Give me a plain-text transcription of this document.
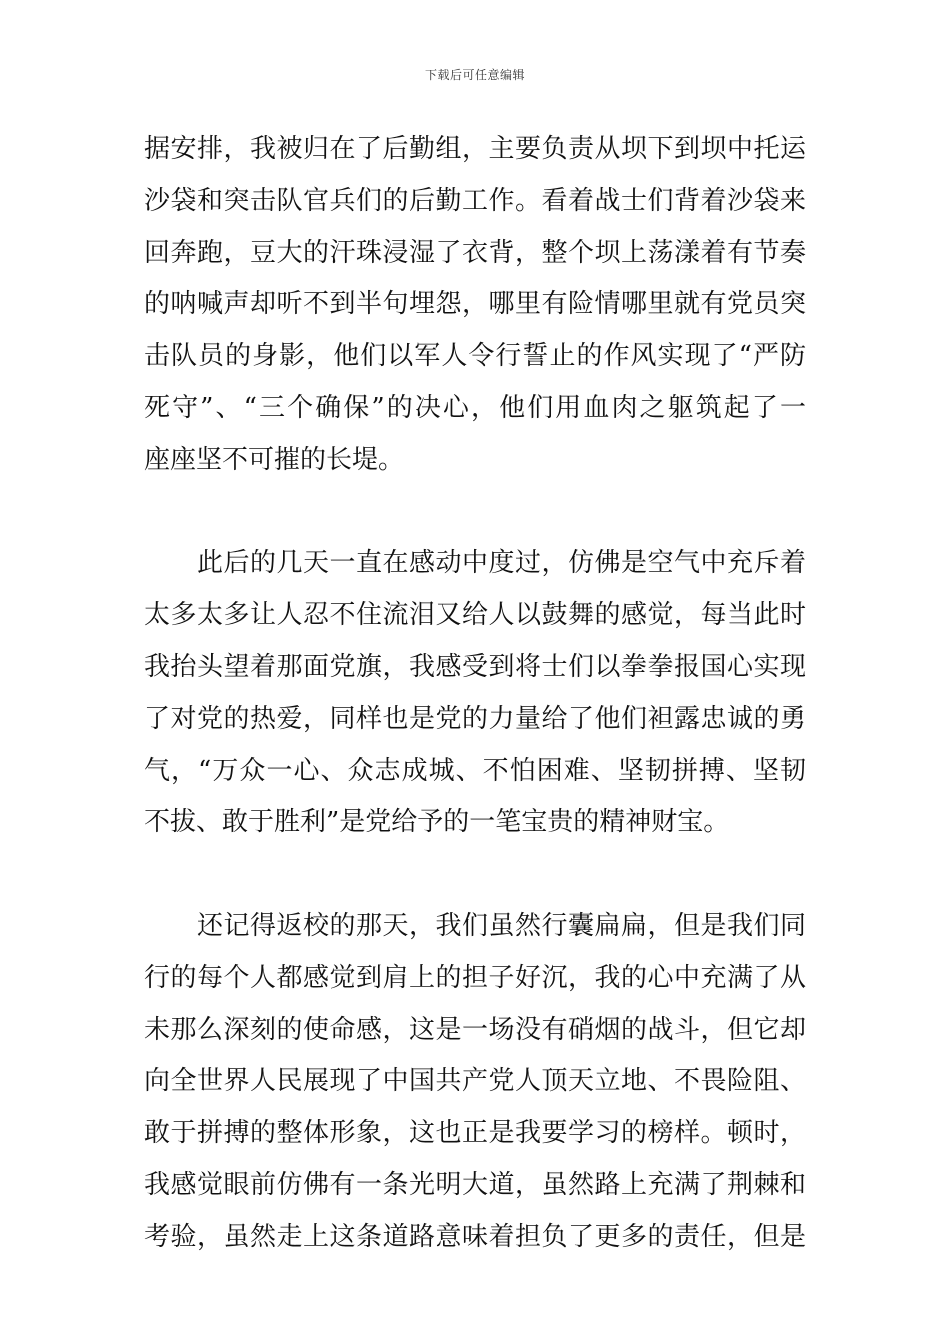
下载后可任意编辑

据安排，我被归在了后勤组，主要负责从坝下到坝中托运
沙袋和突击队官兵们的后勤工作。看着战士们背着沙袋来
回奔跑，豆大的汗珠浸湿了衣背，整个坝上荡漾着有节奏
的呐喊声却听不到半句埋怨，哪里有险情哪里就有党员突
击队员的身影，他们以军人令行誓止的作风实现了“严防
死守”、“三个确保”的决心，他们用血肉之躯筑起了一
座座坚不可摧的长堤。

　　此后的几天一直在感动中度过，仿佛是空气中充斥着
太多太多让人忍不住流泪又给人以鼓舞的感觉，每当此时
我抬头望着那面党旗，我感受到将士们以拳拳报国心实现
了对党的热爱，同样也是党的力量给了他们袒露忠诚的勇
气，“万众一心、众志成城、不怕困难、坚韧拼搏、坚韧
不拔、敢于胜利”是党给予的一笔宝贵的精神财宝。

　　还记得返校的那天，我们虽然行囊扁扁，但是我们同
行的每个人都感觉到肩上的担子好沉，我的心中充满了从
未那么深刻的使命感，这是一场没有硝烟的战斗，但它却
向全世界人民展现了中国共产党人顶天立地、不畏险阻、
敢于拼搏的整体形象，这也正是我要学习的榜样。顿时，
我感觉眼前仿佛有一条光明大道，虽然路上充满了荆棘和
考验，虽然走上这条道路意味着担负了更多的责任，但是
